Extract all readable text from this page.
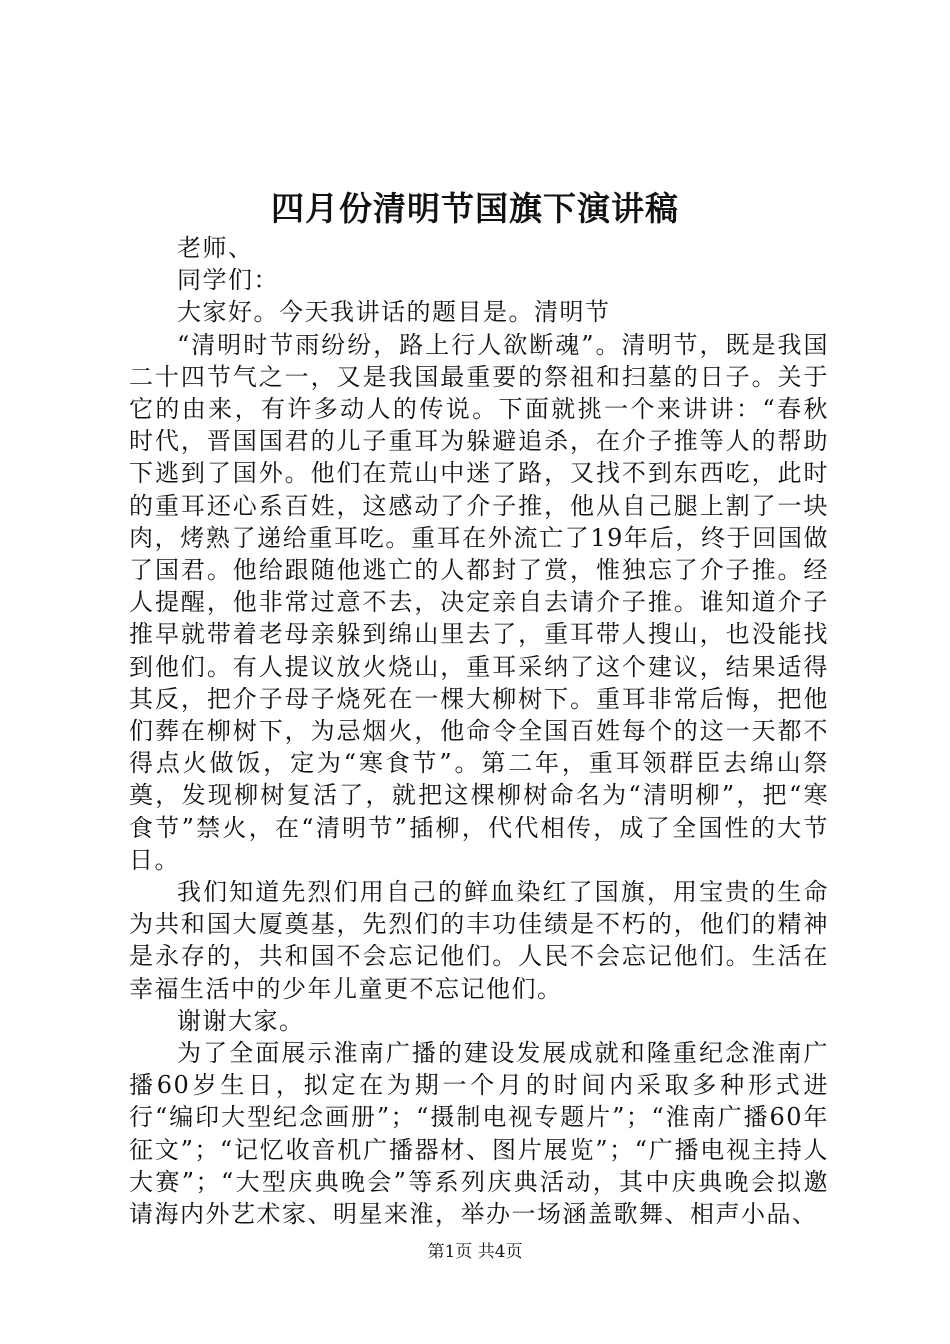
四月份清明节国旗下演讲稿

老师、

同学们：

大家好。今天我讲话的题目是。清明节

“清明时节雨纷纷，路上行人欲断魂”。清明节，既是我国二十四节气之一，又是我国最重要的祭祖和扫墓的日子。关于它的由来，有许多动人的传说。下面就挑一个来讲讲：“春秋时代，晋国国君的儿子重耳为躲避追杀，在介子推等人的帮助下逃到了国外。他们在荒山中迷了路，又找不到东西吃，此时的重耳还心系百姓，这感动了介子推，他从自己腿上割了一块肉，烤熟了递给重耳吃。重耳在外流亡了19年后，终于回国做了国君。他给跟随他逃亡的人都封了赏，惟独忘了介子推。经人提醒，他非常过意不去，决定亲自去请介子推。谁知道介子推早就带着老母亲躲到绵山里去了，重耳带人搜山，也没能找到他们。有人提议放火烧山，重耳采纳了这个建议，结果适得其反，把介子母子烧死在一棵大柳树下。重耳非常后悔，把他们葬在柳树下，为忌烟火，他命令全国百姓每个的这一天都不得点火做饭，定为“寒食节”。第二年，重耳领群臣去绵山祭奠，发现柳树复活了，就把这棵柳树命名为“清明柳”，把“寒食节”禁火，在“清明节”插柳，代代相传，成了全国性的大节日。

我们知道先烈们用自己的鲜血染红了国旗，用宝贵的生命为共和国大厦奠基，先烈们的丰功佳绩是不朽的，他们的精神是永存的，共和国不会忘记他们。人民不会忘记他们。生活在幸福生活中的少年儿童更不忘记他们。

谢谢大家。

为了全面展示淮南广播的建设发展成就和隆重纪念淮南广播60岁生日，拟定在为期一个月的时间内采取多种形式进行“编印大型纪念画册”；“摄制电视专题片”；“淮南广播60年征文”；“记忆收音机广播器材、图片展览”；“广播电视主持人大赛”；“大型庆典晚会”等系列庆典活动，其中庆典晚会拟邀请海内外艺术家、明星来淮，举办一场涵盖歌舞、相声小品、

第1页 共4页
